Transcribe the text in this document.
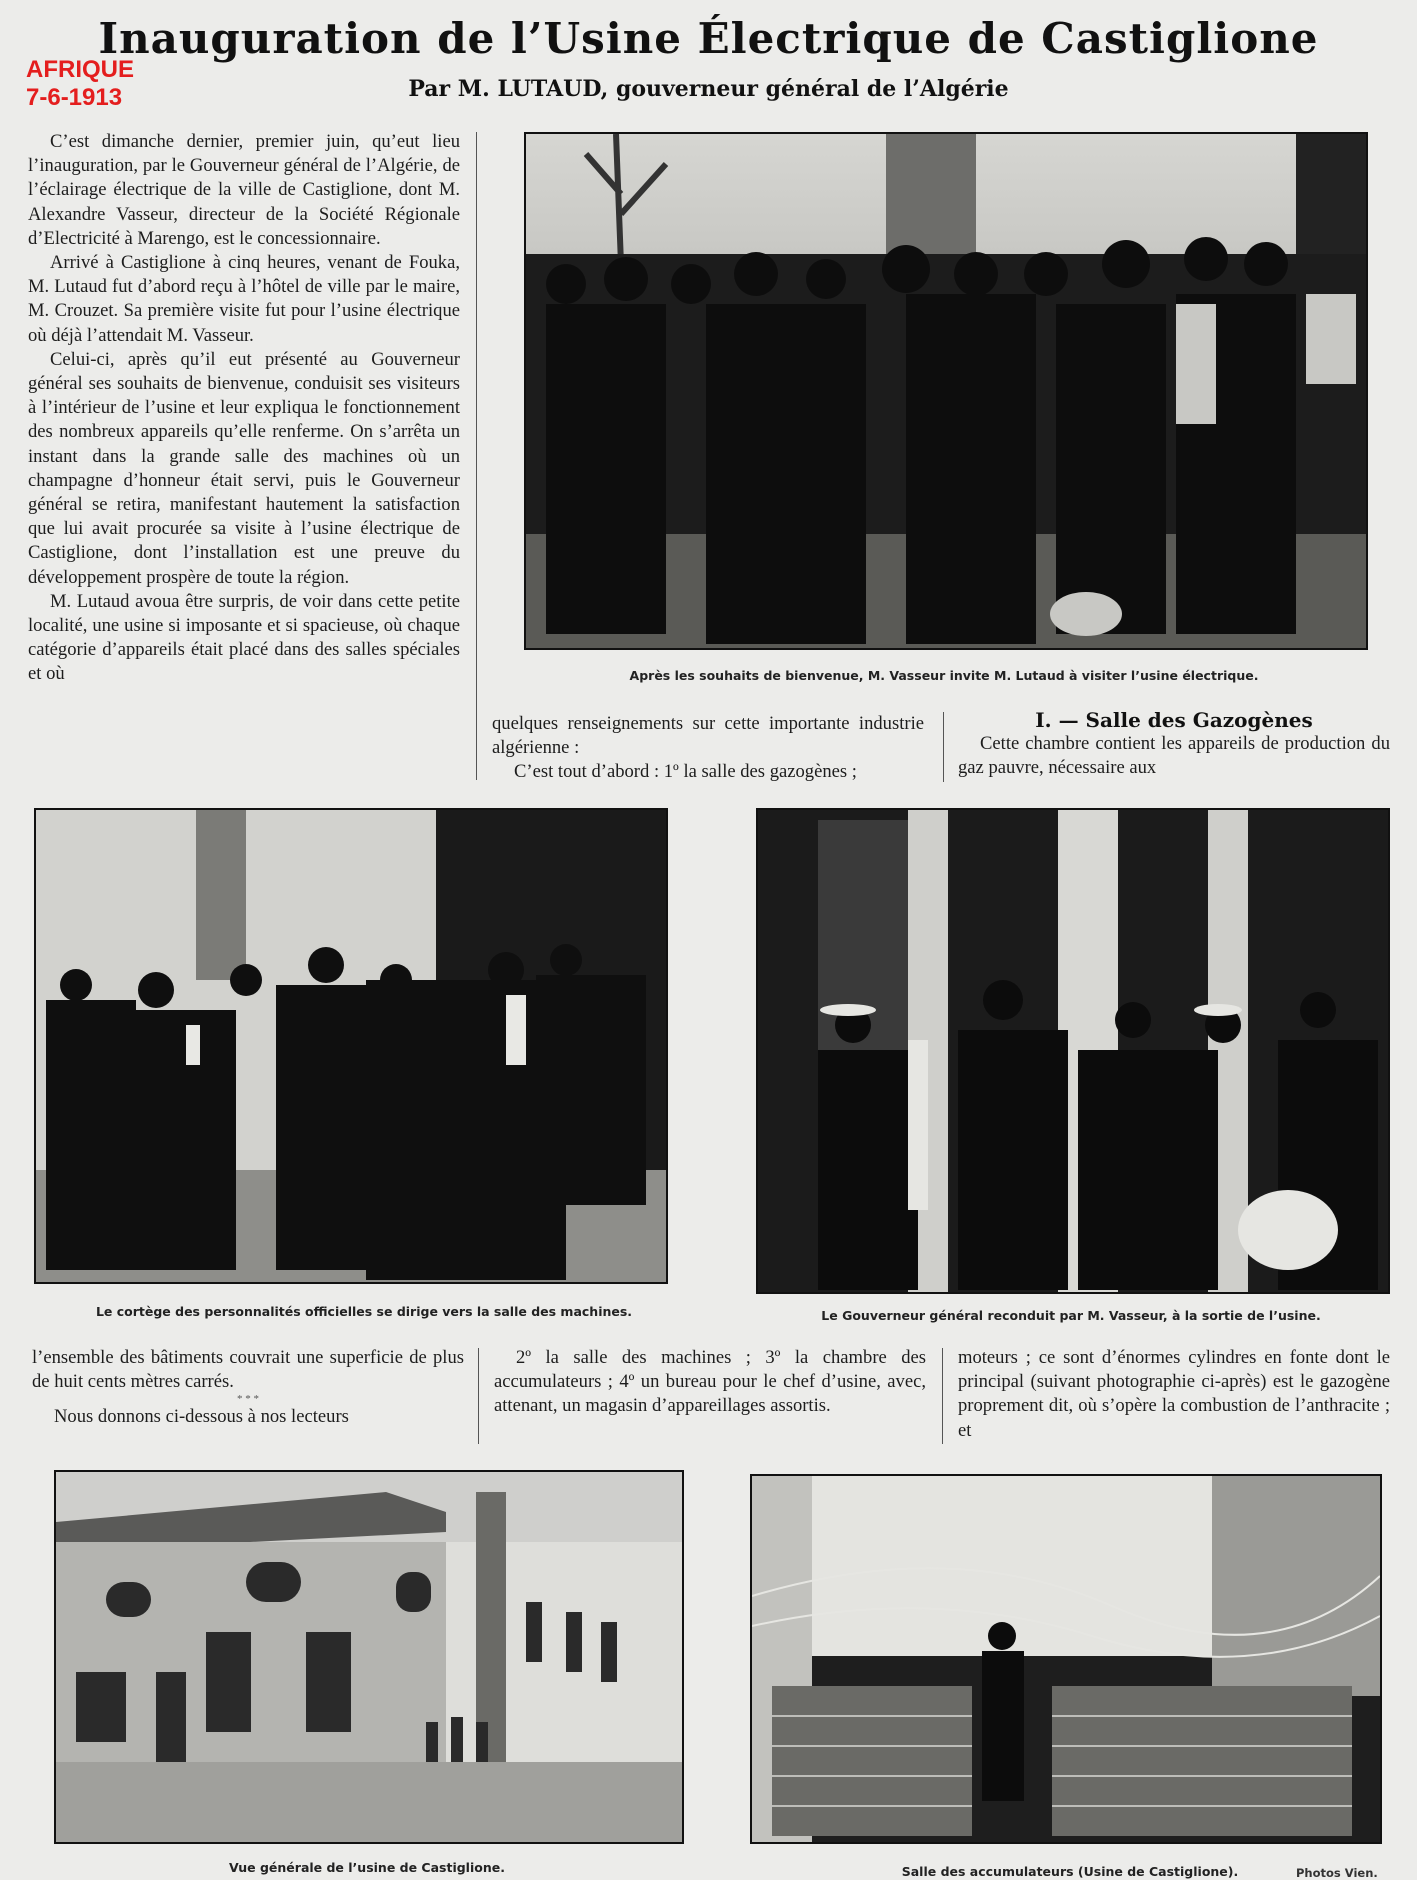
Inauguration de l’Usine Électrique de Castiglione
Par M. LUTAUD, gouverneur général de l’Algérie
AFRIQUE
7-6-1913

C’est dimanche dernier, premier juin, qu’eut lieu l’inauguration, par le Gouverneur général de l’Algérie, de l’éclairage électrique de la ville de Castiglione, dont M. Alexandre Vasseur, directeur de la Société Régionale d’Electricité à Marengo, est le concessionnaire.

Arrivé à Castiglione à cinq heures, venant de Fouka, M. Lutaud fut d’abord reçu à l’hôtel de ville par le maire, M. Crouzet. Sa première visite fut pour l’usine électrique où déjà l’attendait M. Vasseur.

Celui-ci, après qu’il eut présenté au Gouverneur général ses souhaits de bienvenue, conduisit ses visiteurs à l’intérieur de l’usine et leur expliqua le fonctionnement des nombreux appareils qu’elle renferme. On s’arrêta un instant dans la grande salle des machines où un champagne d’honneur était servi, puis le Gouverneur général se retira, manifestant hautement la satisfaction que lui avait procurée sa visite à l’usine électrique de Castiglione, dont l’installation est une preuve du développement prospère de toute la région.

M. Lutaud avoua être surpris, de voir dans cette petite localité, une usine si imposante et si spacieuse, où chaque catégorie d’appareils était placé dans des salles spéciales et où	Après les souhaits de bienvenue, M. Vasseur invite M. Lutaud à visiter l’usine électrique.

quelques renseignements sur cette importante industrie algérienne :

C’est tout d’abord : 1º la salle des gazogènes ;

I. — Salle des Gazogènes

Cette chambre contient les appareils de production du gaz pauvre, nécessaire aux

Le cortège des personnalités officielles se dirige vers la salle des machines.	Le Gouverneur général reconduit par M. Vasseur, à la sortie de l’usine.

l’ensemble des bâtiments couvrait une superficie de plus de huit cents mètres carrés.

* * *

Nous donnons ci-dessous à nos lecteurs

2º la salle des machines ; 3º la chambre des accumulateurs ; 4º un bureau pour le chef d’usine, avec, attenant, un magasin d’appareillages assortis.

moteurs ; ce sont d’énormes cylindres en fonte dont le principal (suivant photographie ci-après) est le gazogène proprement dit, où s’opère la combustion de l’anthracite ; et

Vue générale de l’usine de Castiglione.	Salle des accumulateurs (Usine de Castiglione).	Photos Vien.
